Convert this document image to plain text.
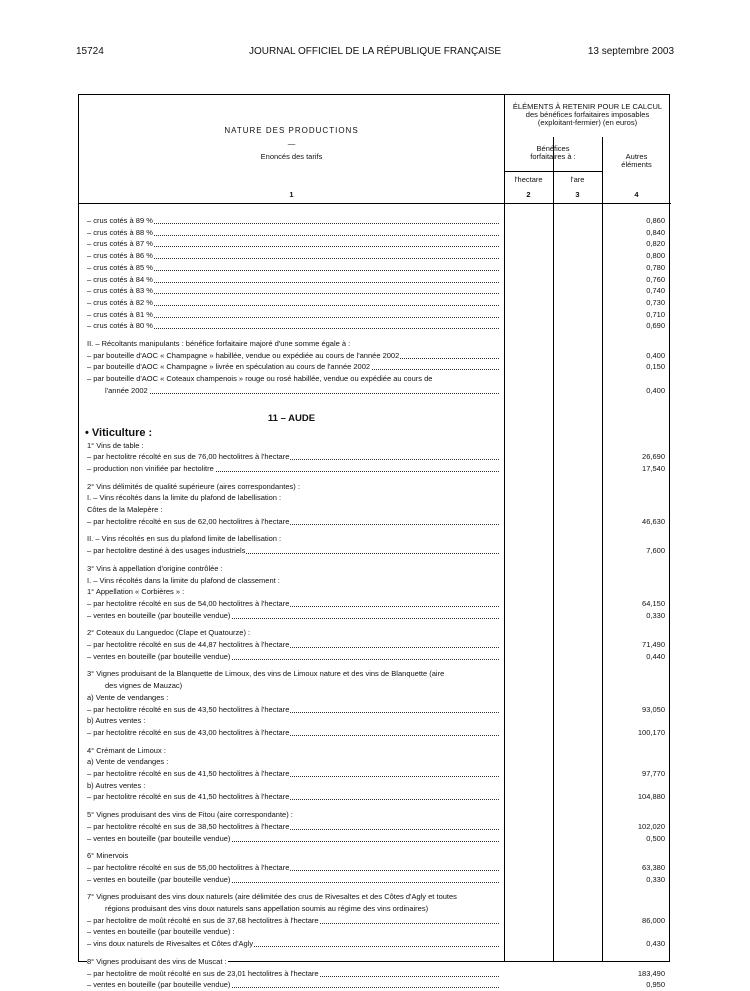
15724	JOURNAL OFFICIEL DE LA RÉPUBLIQUE FRANÇAISE	13 septembre 2003
NATURE DES PRODUCTIONS
—
Enoncés des tarifs
ÉLÉMENTS À RETENIR POUR LE CALCUL
des bénéfices forfaitaires imposables
(exploitant-fermier) (en euros)
Bénéfices
forfaitaires à :	Autres
éléments
l'hectare	l'are
1	2	3	4
– crus cotés à 89 %	0,860
– crus cotés à 88 %	0,840
– crus cotés à 87 %	0,820
– crus cotés à 86 %	0,800
– crus cotés à 85 %	0,780
– crus cotés à 84 %	0,760
– crus cotés à 83 %	0,740
– crus cotés à 82 %	0,730
– crus cotés à 81 %	0,710
– crus cotés à 80 %	0,690
II. – Récoltants manipulants : bénéfice forfaitaire majoré d'une somme égale à :
– par bouteille d'AOC « Champagne » habillée, vendue ou expédiée au cours de l'année 2002	0,400
– par bouteille d'AOC « Champagne » livrée en spéculation au cours de l'année 2002	0,150
– par bouteille d'AOC « Coteaux champenois » rouge ou rosé habillée, vendue ou expédiée au cours de
l'année 2002	0,400
11 – AUDE
• Viticulture :
1° Vins de table :
– par hectolitre récolté en sus de 76,00 hectolitres à l'hectare	26,690
– production non vinifiée par hectolitre	17,540
2° Vins délimités de qualité supérieure (aires correspondantes) :
I. – Vins récoltés dans la limite du plafond de labellisation :
Côtes de la Malepère :
– par hectolitre récolté en sus de 62,00 hectolitres à l'hectare	46,630
II. – Vins récoltés en sus du plafond limite de labellisation :
– par hectolitre destiné à des usages industriels	7,600
3° Vins à appellation d'origine contrôlée :
I. – Vins récoltés dans la limite du plafond de classement :
1° Appellation « Corbières » :
– par hectolitre récolté en sus de 54,00 hectolitres à l'hectare	64,150
– ventes en bouteille (par bouteille vendue)	0,330
2° Coteaux du Languedoc (Clape et Quatourze) :
– par hectolitre récolté en sus de 44,87 hectolitres à l'hectare	71,490
– ventes en bouteille (par bouteille vendue)	0,440
3° Vignes produisant de la Blanquette de Limoux, des vins de Limoux nature et des vins de Blanquette (aire
des vignes de Mauzac)
a) Vente de vendanges :
– par hectolitre récolté en sus de 43,50 hectolitres à l'hectare	93,050
b) Autres ventes :
– par hectolitre récolté en sus de 43,00 hectolitres à l'hectare	100,170
4° Crémant de Limoux :
a) Vente de vendanges :
– par hectolitre récolté en sus de 41,50 hectolitres à l'hectare	97,770
b) Autres ventes :
– par hectolitre récolté en sus de 41,50 hectolitres à l'hectare	104,880
5° Vignes produisant des vins de Fitou (aire correspondante) :
– par hectolitre récolté en sus de 38,50 hectolitres à l'hectare	102,020
– ventes en bouteille (par bouteille vendue)	0,500
6° Minervois
– par hectolitre récolté en sus de 55,00 hectolitres à l'hectare	63,380
– ventes en bouteille (par bouteille vendue)	0,330
7° Vignes produisant des vins doux naturels (aire délimitée des crus de Rivesaltes et des Côtes d'Agly et toutes
régions produisant des vins doux naturels sans appellation soumis au régime des vins ordinaires)
– par hectolitre de moût récolté en sus de 37,68 hectolitres à l'hectare	86,000
– ventes en bouteille (par bouteille vendue) :
– vins doux naturels de Rivesaltes et Côtes d'Agly	0,430
8° Vignes produisant des vins de Muscat :
– par hectolitre de moût récolté en sus de 23,01 hectolitres à l'hectare	183,490
– ventes en bouteille (par bouteille vendue)	0,950
